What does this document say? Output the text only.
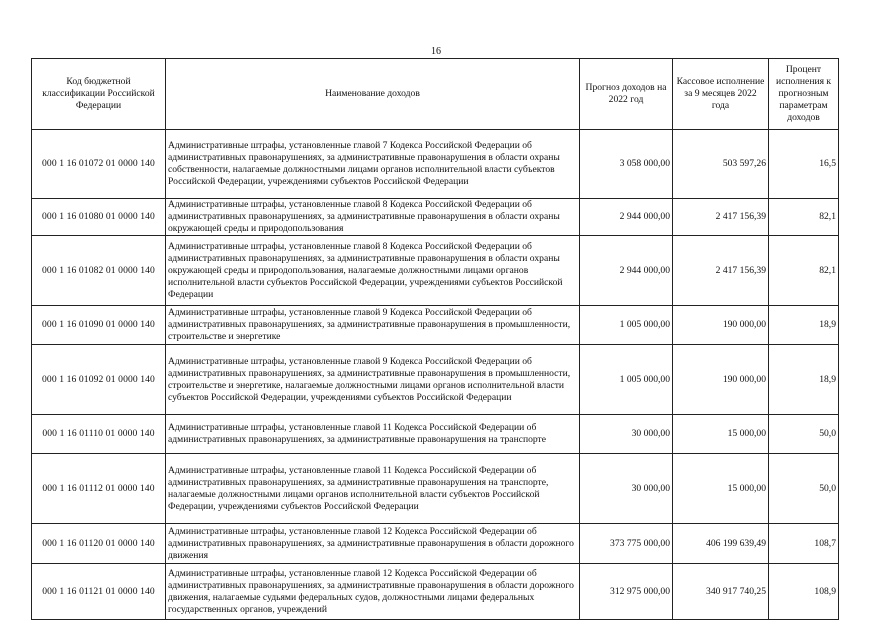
16
Код бюджетной классификации Российской Федерации	Наименование доходов	Прогноз доходов на 2022 год	Кассовое исполнение за 9 месяцев 2022 года	Процент исполнения к прогнозным параметрам доходов
000 1 16 01072 01 0000 140	Административные штрафы, установленные главой 7 Кодекса Российской Федерации об административных правонарушениях, за административные правонарушения в области охраны собственности, налагаемые должностными лицами органов исполнительной власти субъектов Российской Федерации, учреждениями субъектов Российской Федерации	3 058 000,00	503 597,26	16,5
000 1 16 01080 01 0000 140	Административные штрафы, установленные главой 8 Кодекса Российской Федерации об административных правонарушениях, за административные правонарушения в области охраны окружающей среды и природопользования	2 944 000,00	2 417 156,39	82,1
000 1 16 01082 01 0000 140	Административные штрафы, установленные главой 8 Кодекса Российской Федерации об административных правонарушениях, за административные правонарушения в области охраны окружающей среды и природопользования, налагаемые должностными лицами органов исполнительной власти субъектов Российской Федерации, учреждениями субъектов Российской Федерации	2 944 000,00	2 417 156,39	82,1
000 1 16 01090 01 0000 140	Административные штрафы, установленные главой 9 Кодекса Российской Федерации об административных правонарушениях, за административные правонарушения в промышленности, строительстве и энергетике	1 005 000,00	190 000,00	18,9
000 1 16 01092 01 0000 140	Административные штрафы, установленные главой 9 Кодекса Российской Федерации об административных правонарушениях, за административные правонарушения в промышленности, строительстве и энергетике, налагаемые должностными лицами органов исполнительной власти субъектов Российской Федерации, учреждениями субъектов Российской Федерации	1 005 000,00	190 000,00	18,9
000 1 16 01110 01 0000 140	Административные штрафы, установленные главой 11 Кодекса Российской Федерации об административных правонарушениях, за административные правонарушения на транспорте	30 000,00	15 000,00	50,0
000 1 16 01112 01 0000 140	Административные штрафы, установленные главой 11 Кодекса Российской Федерации об административных правонарушениях, за административные правонарушения на транспорте, налагаемые должностными лицами органов исполнительной власти субъектов Российской Федерации, учреждениями субъектов Российской Федерации	30 000,00	15 000,00	50,0
000 1 16 01120 01 0000 140	Административные штрафы, установленные главой 12 Кодекса Российской Федерации об административных правонарушениях, за административные правонарушения в области дорожного движения	373 775 000,00	406 199 639,49	108,7
000 1 16 01121 01 0000 140	Административные штрафы, установленные главой 12 Кодекса Российской Федерации об административных правонарушениях, за административные правонарушения в области дорожного движения, налагаемые судьями федеральных судов, должностными лицами федеральных государственных органов, учреждений	312 975 000,00	340 917 740,25	108,9
